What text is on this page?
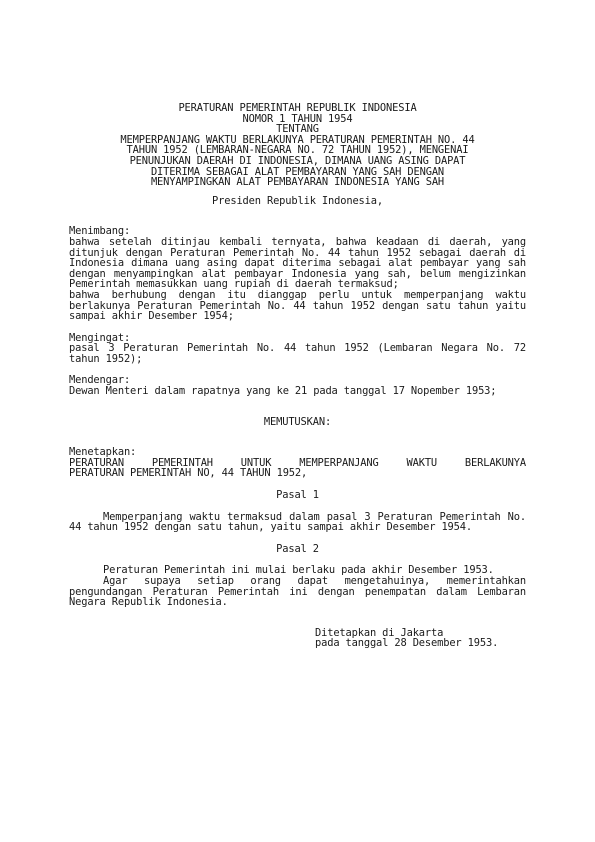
PERATURAN PEMERINTAH REPUBLIK INDONESIA
NOMOR 1 TAHUN 1954
TENTANG
MEMPERPANJANG WAKTU BERLAKUNYA PERATURAN PEMERINTAH NO. 44
TAHUN 1952 (LEMBARAN-NEGARA NO. 72 TAHUN 1952), MENGENAI
PENUNJUKAN DAERAH DI INDONESIA, DIMANA UANG ASING DAPAT
DITERIMA SEBAGAI ALAT PEMBAYARAN YANG SAH DENGAN
MENYAMPINGKAN ALAT PEMBAYARAN INDONESIA YANG SAH
Presiden Republik Indonesia,
Menimbang:

bahwa setelah ditinjau kembali ternyata, bahwa keadaan di daerah, yang ditunjuk dengan Peraturan Pemerintah No. 44 tahun 1952 sebagai daerah di Indonesia dimana uang asing dapat diterima sebagai alat pembayar yang sah dengan menyampingkan alat pembayar Indonesia yang sah, belum mengizinkan Pemerintah memasukkan uang rupiah di daerah termaksud;

bahwa berhubung dengan itu dianggap perlu untuk memperpanjang waktu berlakunya Peraturan Pemerintah No. 44 tahun 1952 dengan satu tahun yaitu sampai akhir Desember 1954;

Mengingat:

pasal 3 Peraturan Pemerintah No. 44 tahun 1952 (Lembaran Negara No. 72 tahun 1952);

Mendengar:

Dewan Menteri dalam rapatnya yang ke 21 pada tanggal 17 Nopember 1953;

MEMUTUSKAN:
Menetapkan:
PERATURAN PEMERINTAH UNTUK MEMPERPANJANG WAKTU BERLAKUNYA
PERATURAN PEMERINTAH NO, 44 TAHUN 1952,
Pasal 1

Memperpanjang waktu termaksud dalam pasal 3 Peraturan Pemerintah No. 44 tahun 1952 dengan satu tahun, yaitu sampai akhir Desember 1954.

Pasal 2

Peraturan Pemerintah ini mulai berlaku pada akhir Desember 1953.

Agar supaya setiap orang dapat mengetahuinya, memerintahkan pengundangan Peraturan Pemerintah ini dengan penempatan dalam Lembaran Negara Republik Indonesia.

Ditetapkan di Jakarta
pada tanggal 28 Desember 1953.
